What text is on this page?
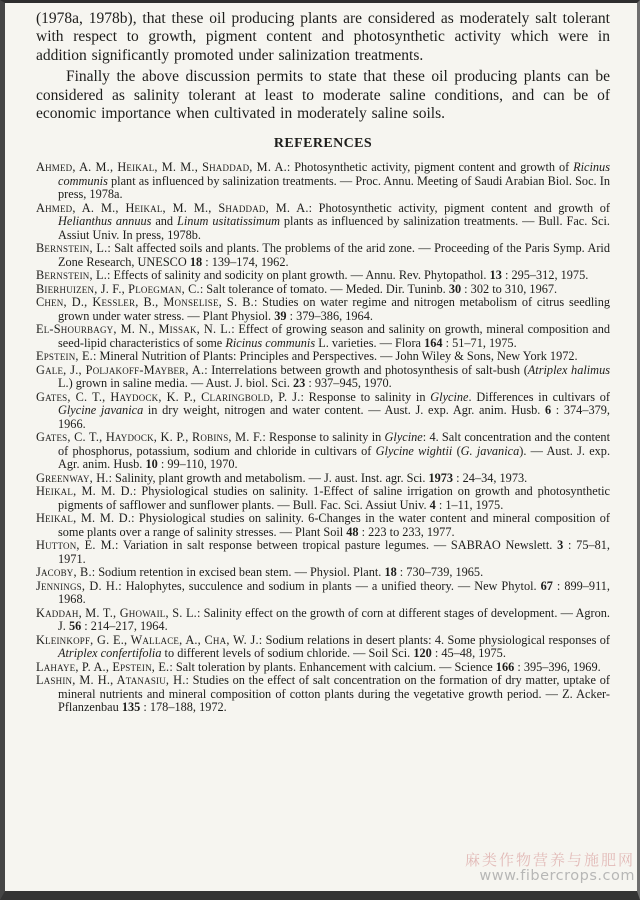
(1978a, 1978b), that these oil producing plants are considered as moderately salt tolerant with respect to growth, pigment content and photosynthetic activity which were in addition significantly promoted under salinization treatments.

Finally the above discussion permits to state that these oil producing plants can be considered as salinity tolerant at least to moderate saline conditions, and can be of economic importance when cultivated in moderately saline soils.

REFERENCES

Ahmed, A. M., Heikal, M. M., Shaddad, M. A.: Photosynthetic activity, pigment content and growth of Ricinus communis plant as influenced by salinization treatments. — Proc. Annu. Meeting of Saudi Arabian Biol. Soc. In press, 1978a.

Ahmed, A. M., Heikal, M. M., Shaddad, M. A.: Photosynthetic activity, pigment content and growth of Helianthus annuus and Linum usitatissimum plants as influenced by salinization treatments. — Bull. Fac. Sci. Assiut Univ. In press, 1978b.

Bernstein, L.: Salt affected soils and plants. The problems of the arid zone. — Proceeding of the Paris Symp. Arid Zone Research, UNESCO 18 : 139–174, 1962.

Bernstein, L.: Effects of salinity and sodicity on plant growth. — Annu. Rev. Phytopathol. 13 : 295–312, 1975.

Bierhuizen, J. F., Ploegman, C.: Salt tolerance of tomato. — Meded. Dir. Tuninb. 30 : 302 to 310, 1967.

Chen, D., Kessler, B., Monselise, S. B.: Studies on water regime and nitrogen metabolism of citrus seedling grown under water stress. — Plant Physiol. 39 : 379–386, 1964.

El-Shourbagy, M. N., Missak, N. L.: Effect of growing season and salinity on growth, mineral composition and seed-lipid characteristics of some Ricinus communis L. varieties. — Flora 164 : 51–71, 1975.

Epstein, E.: Mineral Nutrition of Plants: Principles and Perspectives. — John Wiley & Sons, New York 1972.

Gale, J., Poljakoff-Mayber, A.: Interrelations between growth and photosynthesis of salt-bush (Atriplex halimus L.) grown in saline media. — Aust. J. biol. Sci. 23 : 937–945, 1970.

Gates, C. T., Haydock, K. P., Claringbold, P. J.: Response to salinity in Glycine. Differences in cultivars of Glycine javanica in dry weight, nitrogen and water content. — Aust. J. exp. Agr. anim. Husb. 6 : 374–379, 1966.

Gates, C. T., Haydock, K. P., Robins, M. F.: Response to salinity in Glycine: 4. Salt concentration and the content of phosphorus, potassium, sodium and chloride in cultivars of Glycine wightii (G. javanica). — Aust. J. exp. Agr. anim. Husb. 10 : 99–110, 1970.

Greenway, H.: Salinity, plant growth and metabolism. — J. aust. Inst. agr. Sci. 1973 : 24–34, 1973.

Heikal, M. M. D.: Physiological studies on salinity. 1-Effect of saline irrigation on growth and photosynthetic pigments of safflower and sunflower plants. — Bull. Fac. Sci. Assiut Univ. 4 : 1–11, 1975.

Heikal, M. M. D.: Physiological studies on salinity. 6-Changes in the water content and mineral composition of some plants over a range of salinity stresses. — Plant Soil 48 : 223 to 233, 1977.

Hutton, E. M.: Variation in salt response between tropical pasture legumes. — SABRAO Newslett. 3 : 75–81, 1971.

Jacoby, B.: Sodium retention in excised bean stem. — Physiol. Plant. 18 : 730–739, 1965.

Jennings, D. H.: Halophytes, succulence and sodium in plants — a unified theory. — New Phytol. 67 : 899–911, 1968.

Kaddah, M. T., Ghowail, S. L.: Salinity effect on the growth of corn at different stages of development. — Agron. J. 56 : 214–217, 1964.

Kleinkopf, G. E., Wallace, A., Cha, W. J.: Sodium relations in desert plants: 4. Some physiological responses of Atriplex confertifolia to different levels of sodium chloride. — Soil Sci. 120 : 45–48, 1975.

Lahaye, P. A., Epstein, E.: Salt toleration by plants. Enhancement with calcium. — Science 166 : 395–396, 1969.

Lashin, M. H., Atanasiu, H.: Studies on the effect of salt concentration on the formation of dry matter, uptake of mineral nutrients and mineral composition of cotton plants during the vegetative growth period. — Z. Acker- Pflanzenbau 135 : 178–188, 1972.

麻类作物营养与施肥网
www.fibercrops.com
